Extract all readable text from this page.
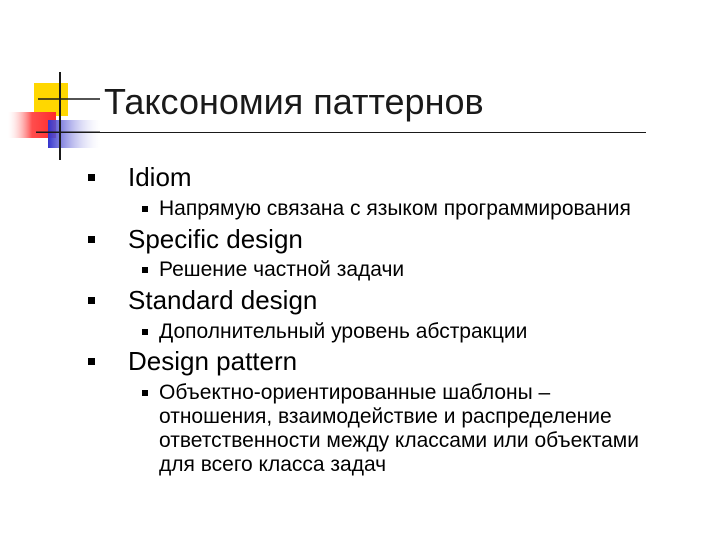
Таксономия паттернов
Idiom
Напрямую связана с языком программирования
Specific design
Решение частной задачи
Standard design
Дополнительный уровень абстракции
Design pattern
Объектно-ориентированные шаблоны – отношения, взаимодействие и распределение ответственности между классами или объектами для всего класса задач
